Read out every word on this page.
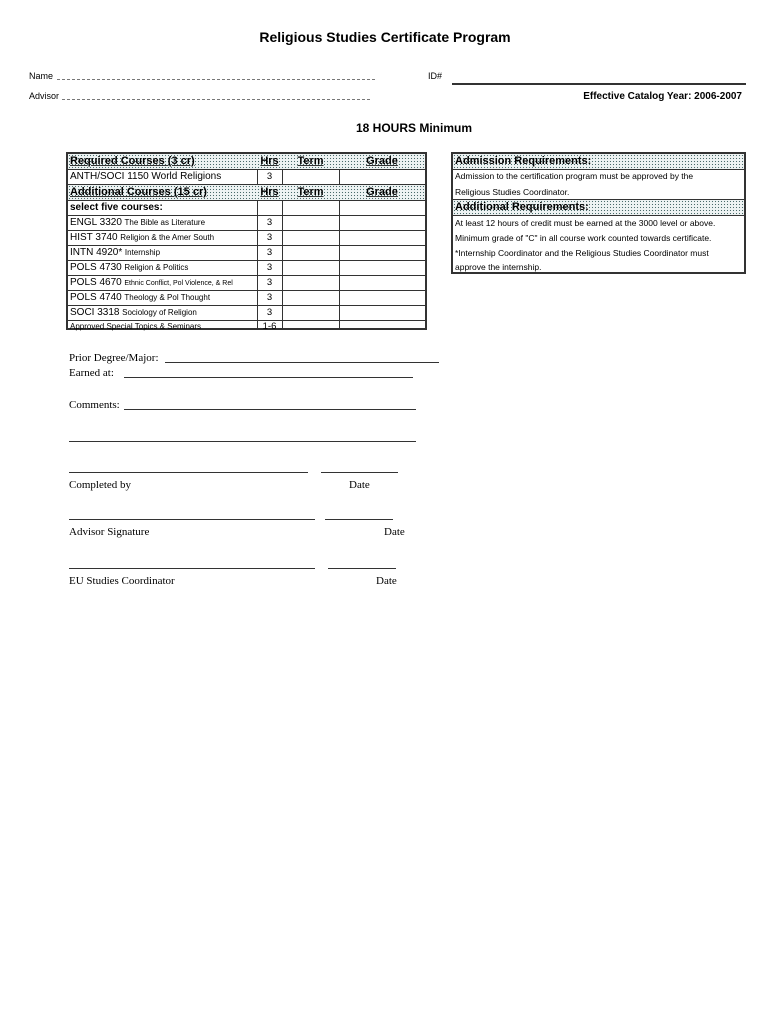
Religious Studies Certificate Program
Name	ID#
Advisor	Effective Catalog Year: 2006-2007
18 HOURS Minimum
Required Courses (3 cr)	Hrs	Term	Grade
ANTH/SOCI 1150 World Religions	3
Additional Courses (15 cr)	Hrs	Term	Grade
select five courses:
ENGL 3320 The Bible as Literature	3
HIST 3740 Religion & the Amer South	3
INTN 4920* Internship	3
POLS 4730 Religion & Politics	3
POLS 4670 Ethnic Conflict, Pol Violence, & Rel	3
POLS 4740 Theology & Pol Thought	3
SOCI 3318 Sociology of Religion	3
Approved Special Topics & Seminars	1-6
Admission Requirements:
Admission to the certification program must be approved by the
Religious Studies Coordinator.
Additional Requirements:
At least 12 hours of credit must be earned at the 3000 level or above.
Minimum grade of "C" in all course work counted towards certificate.
*Internship Coordinator and the Religious Studies Coordinator must
approve the internship.
Prior Degree/Major:
Earned at:
Comments:
Completed by	Date
Advisor Signature	Date
EU Studies Coordinator	Date
